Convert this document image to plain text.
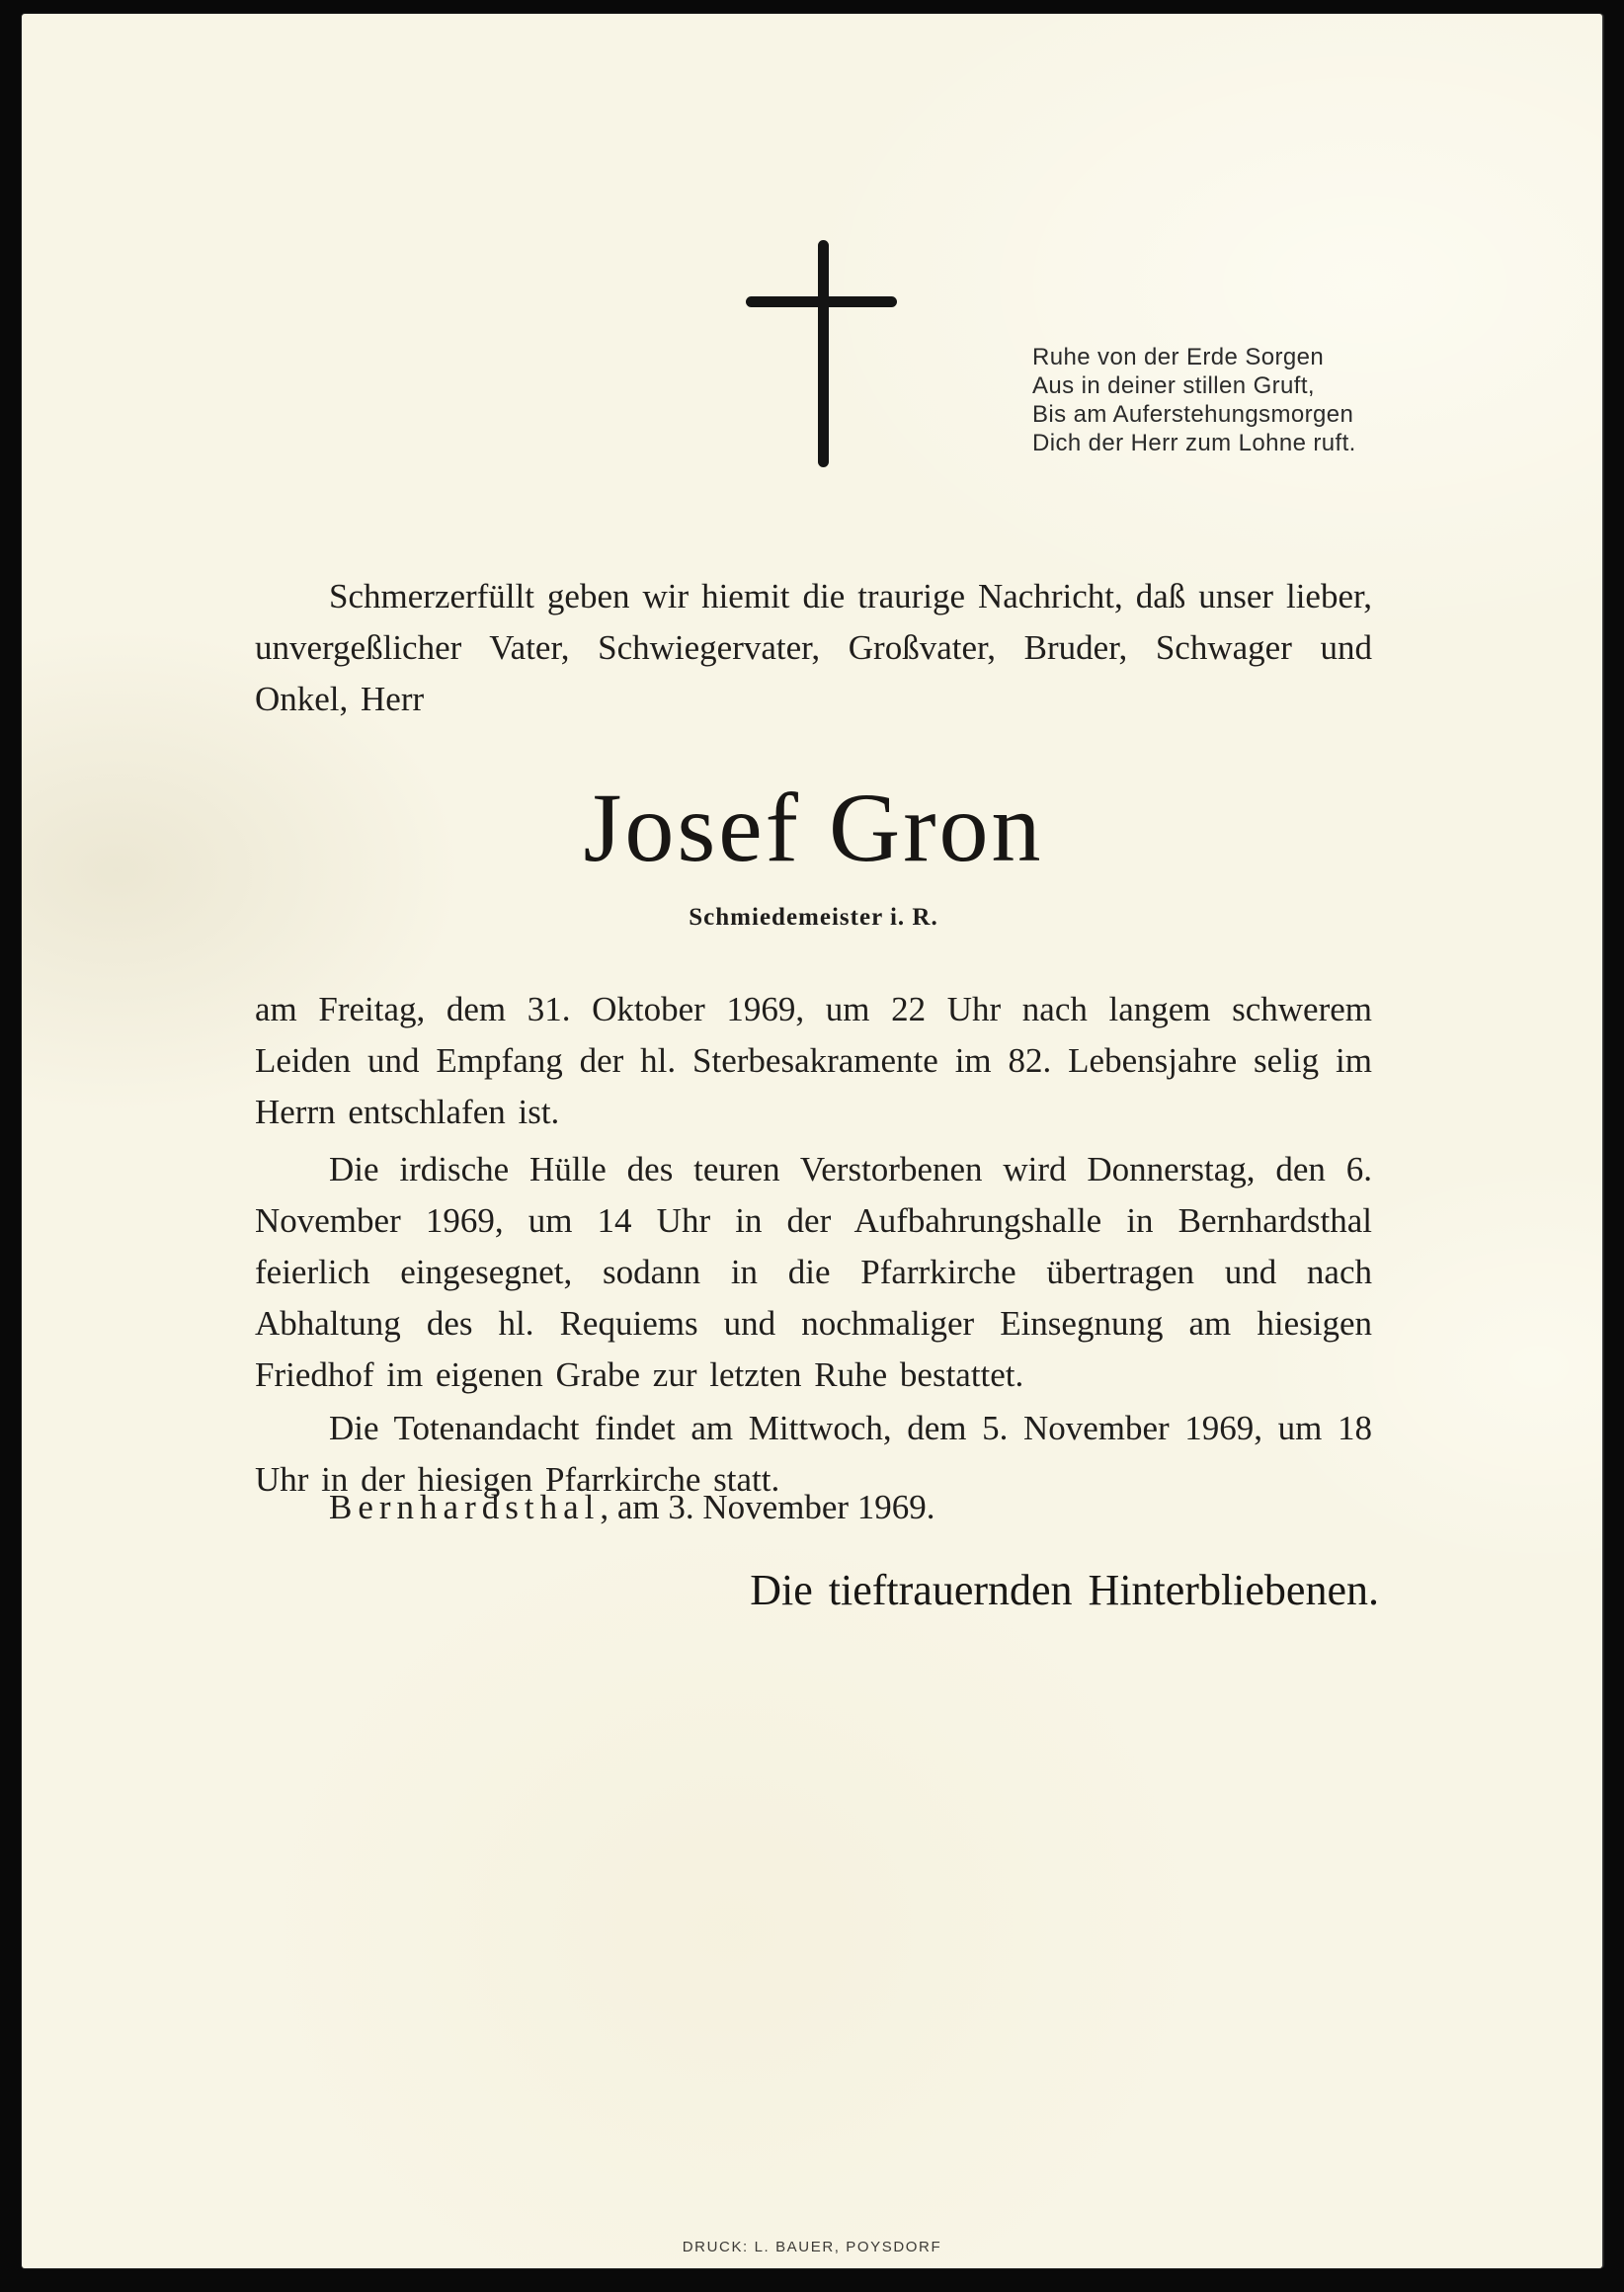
Ruhe von der Erde Sorgen
Aus in deiner stillen Gruft,
Bis am Auferstehungsmorgen
Dich der Herr zum Lohne ruft.
Schmerzerfüllt geben wir hiemit die traurige Nachricht, daß unser lieber, unvergeßlicher Vater, Schwiegervater, Großvater, Bruder, Schwager und Onkel, Herr
Josef Gron
Schmiedemeister i. R.
am Freitag, dem 31. Oktober 1969, um 22 Uhr nach langem schwerem Leiden und Empfang der hl. Sterbesakramente im 82. Lebensjahre selig im Herrn entschlafen ist.
Die irdische Hülle des teuren Verstorbenen wird Donnerstag, den 6. November 1969, um 14 Uhr in der Aufbahrungshalle in Bernhardsthal feierlich eingesegnet, sodann in die Pfarrkirche übertragen und nach Abhaltung des hl. Requiems und nochmaliger Einsegnung am hiesigen Friedhof im eigenen Grabe zur letzten Ruhe bestattet.
Die Totenandacht findet am Mittwoch, dem 5. November 1969, um 18 Uhr in der hiesigen Pfarrkirche statt.
Bernhardsthal, am 3. November 1969.
Die tieftrauernden Hinterbliebenen.
DRUCK: L. BAUER, POYSDORF
